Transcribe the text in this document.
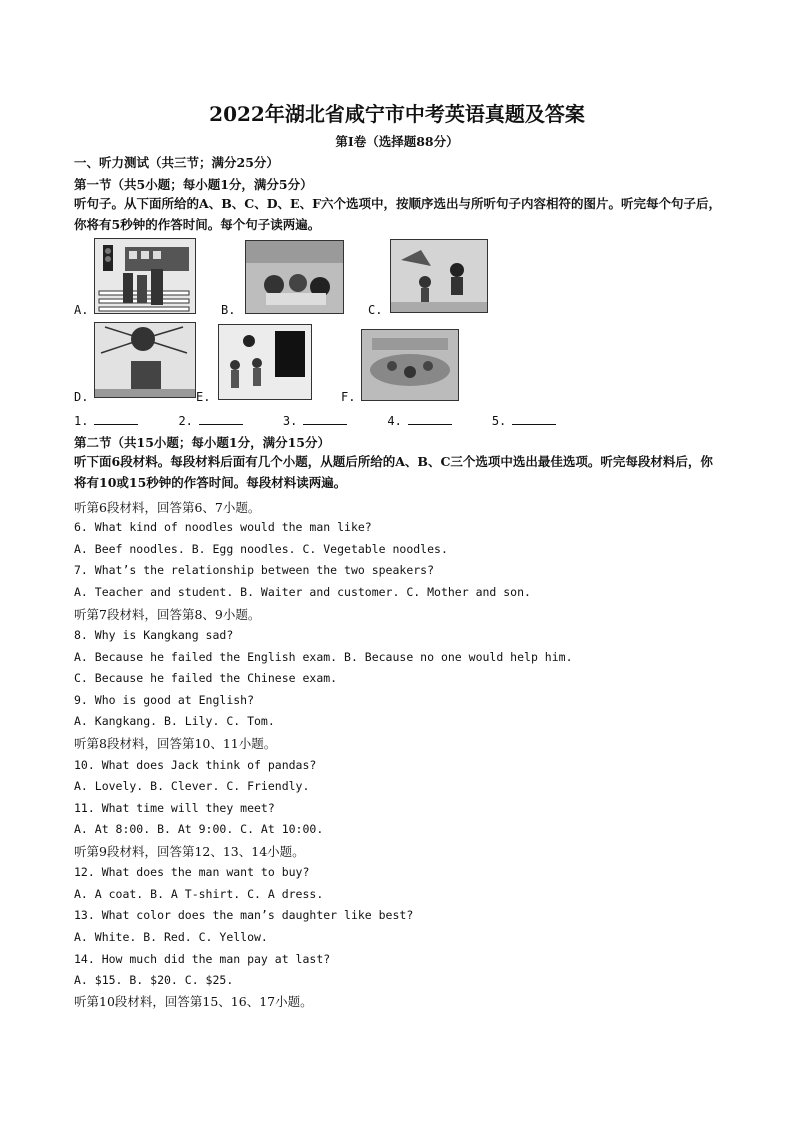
2022年湖北省咸宁市中考英语真题及答案
第Ⅰ卷（选择题88分）
一、听力测试（共三节；满分25分）
第一节（共5小题；每小题1分，满分5分）
听句子。从下面所给的A、B、C、D、E、F六个选项中，按顺序选出与所听句子内容相符的图片。听完每个句子后，你将有5秒钟的作答时间。每个句子读两遍。
A.	B.	C.
D.	E.	F.
1.	2.	3.	4.	5.
第二节（共15小题；每小题1分，满分15分）
听下面6段材料。每段材料后面有几个小题，从题后所给的A、B、C三个选项中选出最佳选项。听完每段材料后，你将有10或15秒钟的作答时间。每段材料读两遍。
听第6段材料，回答第6、7小题。
6. What kind of noodles would the man like?
A. Beef noodles. B. Egg noodles. C. Vegetable noodles.
7. What’s the relationship between the two speakers?
A. Teacher and student. B. Waiter and customer. C. Mother and son.
听第7段材料，回答第8、9小题。
8. Why is Kangkang sad?
A. Because he failed the English exam. B. Because no one would help him.
C. Because he failed the Chinese exam.
9. Who is good at English?
A. Kangkang. B. Lily. C. Tom.
听第8段材料，回答第10、11小题。
10. What does Jack think of pandas?
A. Lovely. B. Clever. C. Friendly.
11. What time will they meet?
A. At 8:00. B. At 9:00. C. At 10:00.
听第9段材料，回答第12、13、14小题。
12. What does the man want to buy?
A. A coat. B. A T-shirt. C. A dress.
13. What color does the man’s daughter like best?
A. White. B. Red. C. Yellow.
14. How much did the man pay at last?
A. $15. B. $20. C. $25.
听第10段材料，回答第15、16、17小题。
